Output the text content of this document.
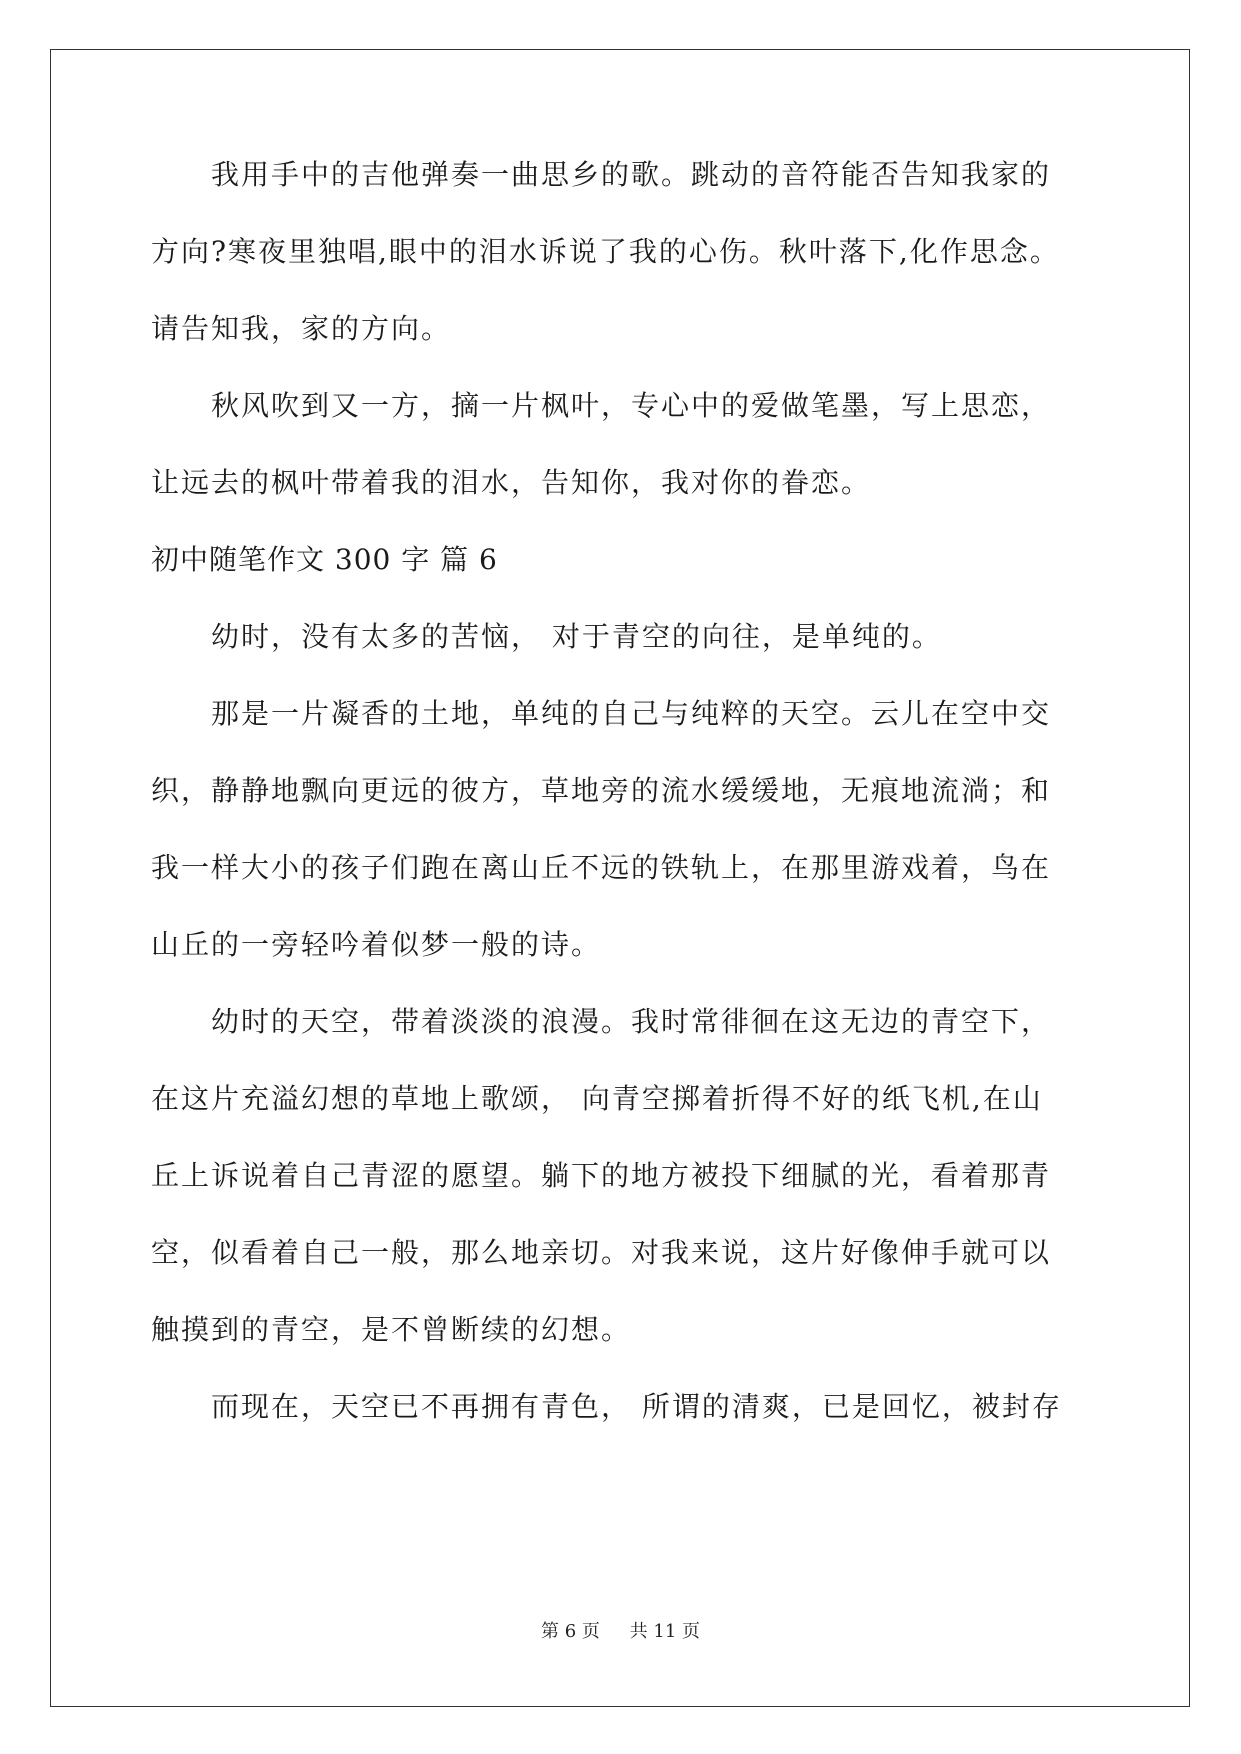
　　我用手中的吉他弹奏一曲思乡的歌。跳动的音符能否告知我家的

方向?寒夜里独唱,眼中的泪水诉说了我的心伤。秋叶落下,化作思念。

请告知我，家的方向。

　　秋风吹到又一方，摘一片枫叶，专心中的爱做笔墨，写上思恋，

让远去的枫叶带着我的泪水，告知你，我对你的眷恋。

初中随笔作文 300 字 篇 6

　　幼时，没有太多的苦恼， 对于青空的向往，是单纯的。

　　那是一片凝香的土地，单纯的自己与纯粹的天空。云儿在空中交

织，静静地飘向更远的彼方，草地旁的流水缓缓地，无痕地流淌；和

我一样大小的孩子们跑在离山丘不远的铁轨上，在那里游戏着，鸟在

山丘的一旁轻吟着似梦一般的诗。

　　幼时的天空，带着淡淡的浪漫。我时常徘徊在这无边的青空下，

在这片充溢幻想的草地上歌颂， 向青空掷着折得不好的纸飞机,在山

丘上诉说着自己青涩的愿望。躺下的地方被投下细腻的光，看着那青

空，似看着自己一般，那么地亲切。对我来说，这片好像伸手就可以

触摸到的青空，是不曾断续的幻想。

　　而现在，天空已不再拥有青色， 所谓的清爽，已是回忆，被封存

第 6 页 共 11 页
